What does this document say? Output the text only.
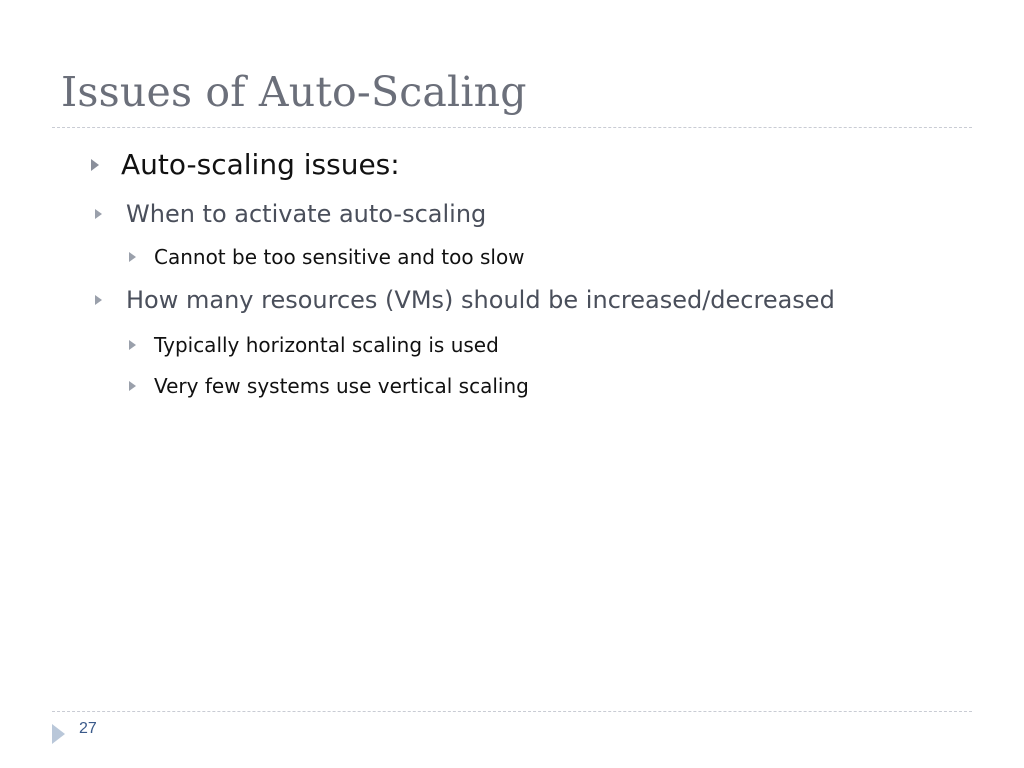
Issues of Auto-Scaling
Auto-scaling issues:
When to activate auto-scaling
Cannot be too sensitive and too slow
How many resources (VMs) should be increased/decreased
Typically horizontal scaling is used
Very few systems use vertical scaling
27
